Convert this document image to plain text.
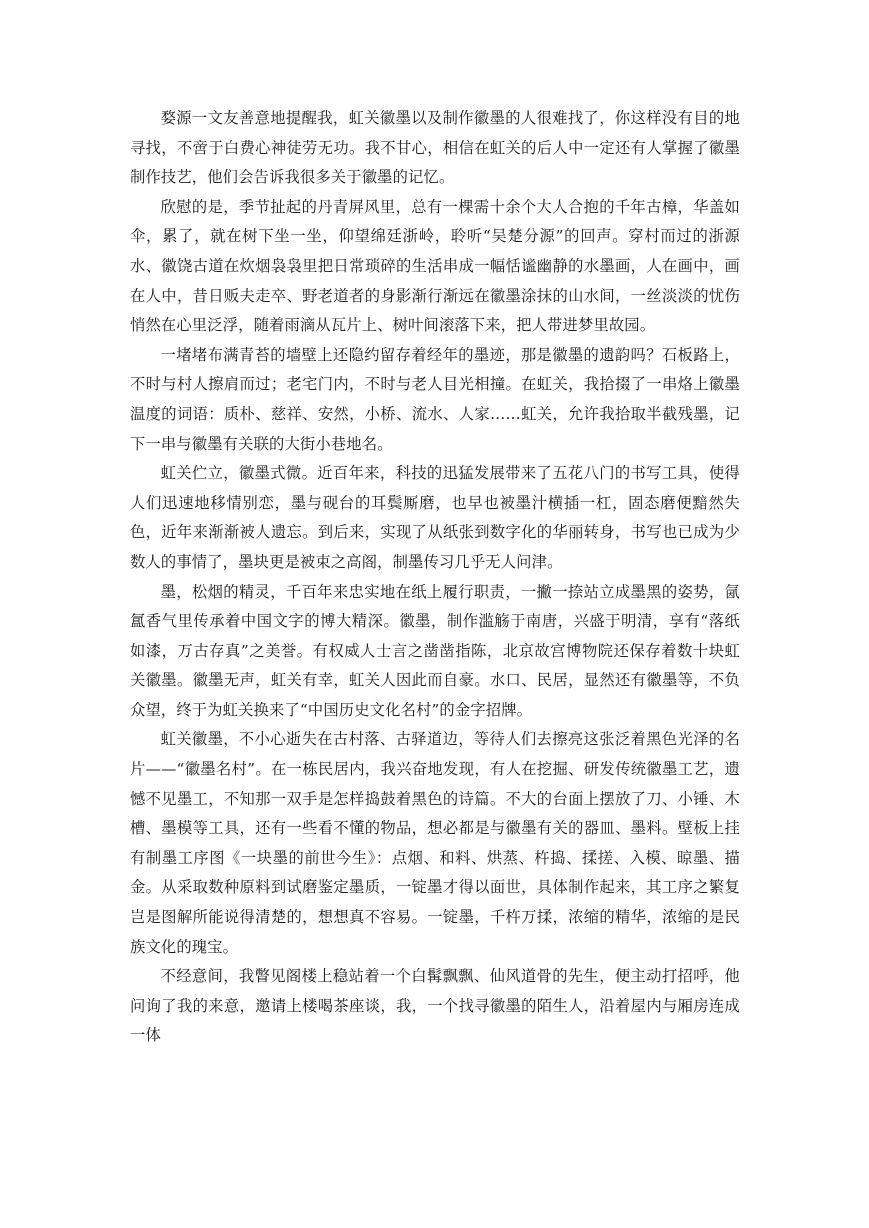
婺源一文友善意地提醒我，虹关徽墨以及制作徽墨的人很难找了，你这样没有目的地寻找，不啻于白费心神徒劳无功。我不甘心，相信在虹关的后人中一定还有人掌握了徽墨制作技艺，他们会告诉我很多关于徽墨的记忆。

欣慰的是，季节扯起的丹青屏风里，总有一棵需十余个大人合抱的千年古樟，华盖如伞，累了，就在树下坐一坐，仰望绵廷浙岭，聆听“吴楚分源”的回声。穿村而过的浙源水、徽饶古道在炊烟袅袅里把日常琐碎的生活串成一幅恬谧幽静的水墨画，人在画中，画在人中，昔日贩夫走卒、野老道者的身影渐行渐远在徽墨涂抹的山水间，一丝淡淡的忧伤悄然在心里泛浮，随着雨滴从瓦片上、树叶间滚落下来，把人带进梦里故园。

一堵堵布满青苔的墙壁上还隐约留存着经年的墨迹，那是徽墨的遗韵吗？石板路上，不时与村人擦肩而过；老宅门内，不时与老人目光相撞。在虹关，我拾掇了一串烙上徽墨温度的词语：质朴、慈祥、安然，小桥、流水、人家……虹关，允许我拾取半截残墨，记下一串与徽墨有关联的大街小巷地名。

虹关伫立，徽墨式微。近百年来，科技的迅猛发展带来了五花八门的书写工具，使得人们迅速地移情别恋，墨与砚台的耳鬓厮磨，也早也被墨汁横插一杠，固态磨便黯然失色，近年来渐渐被人遗忘。到后来，实现了从纸张到数字化的华丽转身，书写也已成为少数人的事情了，墨块更是被束之高阁，制墨传习几乎无人问津。

墨，松烟的精灵，千百年来忠实地在纸上履行职责，一撇一捺站立成墨黑的姿势，氤氲香气里传承着中国文字的博大精深。徽墨，制作滥觞于南唐，兴盛于明清，享有“落纸如漆，万古存真”之美誉。有权威人士言之凿凿指陈，北京故宫博物院还保存着数十块虹关徽墨。徽墨无声，虹关有幸，虹关人因此而自豪。水口、民居，显然还有徽墨等，不负众望，终于为虹关换来了“中国历史文化名村”的金字招牌。

虹关徽墨，不小心逝失在古村落、古驿道边，等待人们去擦亮这张泛着黑色光泽的名片——“徽墨名村”。在一栋民居内，我兴奋地发现，有人在挖掘、研发传统徽墨工艺，遗憾不见墨工，不知那一双手是怎样捣鼓着黑色的诗篇。不大的台面上摆放了刀、小锤、木槽、墨模等工具，还有一些看不懂的物品，想必都是与徽墨有关的器皿、墨料。壁板上挂有制墨工序图《一块墨的前世今生》：点烟、和料、烘蒸、杵捣、揉搓、入模、晾墨、描金。从采取数种原料到试磨鉴定墨质，一锭墨才得以面世，具体制作起来，其工序之繁复岂是图解所能说得清楚的，想想真不容易。一锭墨，千杵万揉，浓缩的精华，浓缩的是民族文化的瑰宝。

不经意间，我瞥见阁楼上稳站着一个白髯飘飘、仙风道骨的先生，便主动打招呼，他问询了我的来意，邀请上楼喝茶座谈，我，一个找寻徽墨的陌生人，沿着屋内与厢房连成一体
